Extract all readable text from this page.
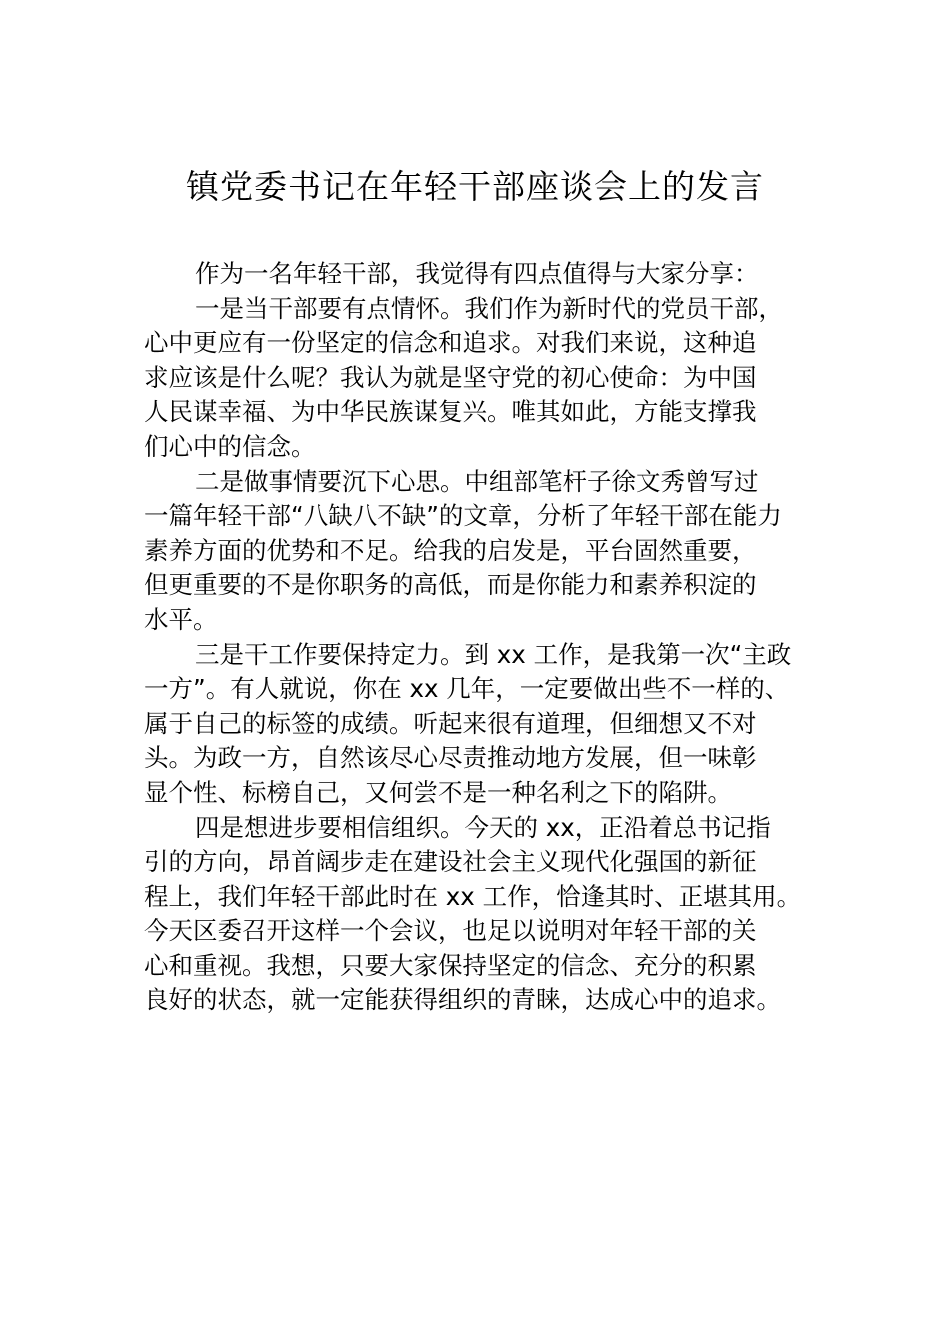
镇党委书记在年轻干部座谈会上的发言
作为一名年轻干部，我觉得有四点值得与大家分享：
一是当干部要有点情怀。我们作为新时代的党员干部，
心中更应有一份坚定的信念和追求。对我们来说，这种追
求应该是什么呢？我认为就是坚守党的初心使命：为中国
人民谋幸福、为中华民族谋复兴。唯其如此，方能支撑我
们心中的信念。
二是做事情要沉下心思。中组部笔杆子徐文秀曾写过
一篇年轻干部“八缺八不缺”的文章，分析了年轻干部在能力
素养方面的优势和不足。给我的启发是，平台固然重要，
但更重要的不是你职务的高低，而是你能力和素养积淀的
水平。
三是干工作要保持定力。到 xx 工作，是我第一次“主政
一方”。有人就说，你在 xx 几年，一定要做出些不一样的、
属于自己的标签的成绩。听起来很有道理，但细想又不对
头。为政一方，自然该尽心尽责推动地方发展，但一味彰
显个性、标榜自己，又何尝不是一种名利之下的陷阱。
四是想进步要相信组织。今天的 xx，正沿着总书记指
引的方向，昂首阔步走在建设社会主义现代化强国的新征
程上，我们年轻干部此时在 xx 工作，恰逢其时、正堪其用。
今天区委召开这样一个会议，也足以说明对年轻干部的关
心和重视。我想，只要大家保持坚定的信念、充分的积累
良好的状态，就一定能获得组织的青睐，达成心中的追求。
